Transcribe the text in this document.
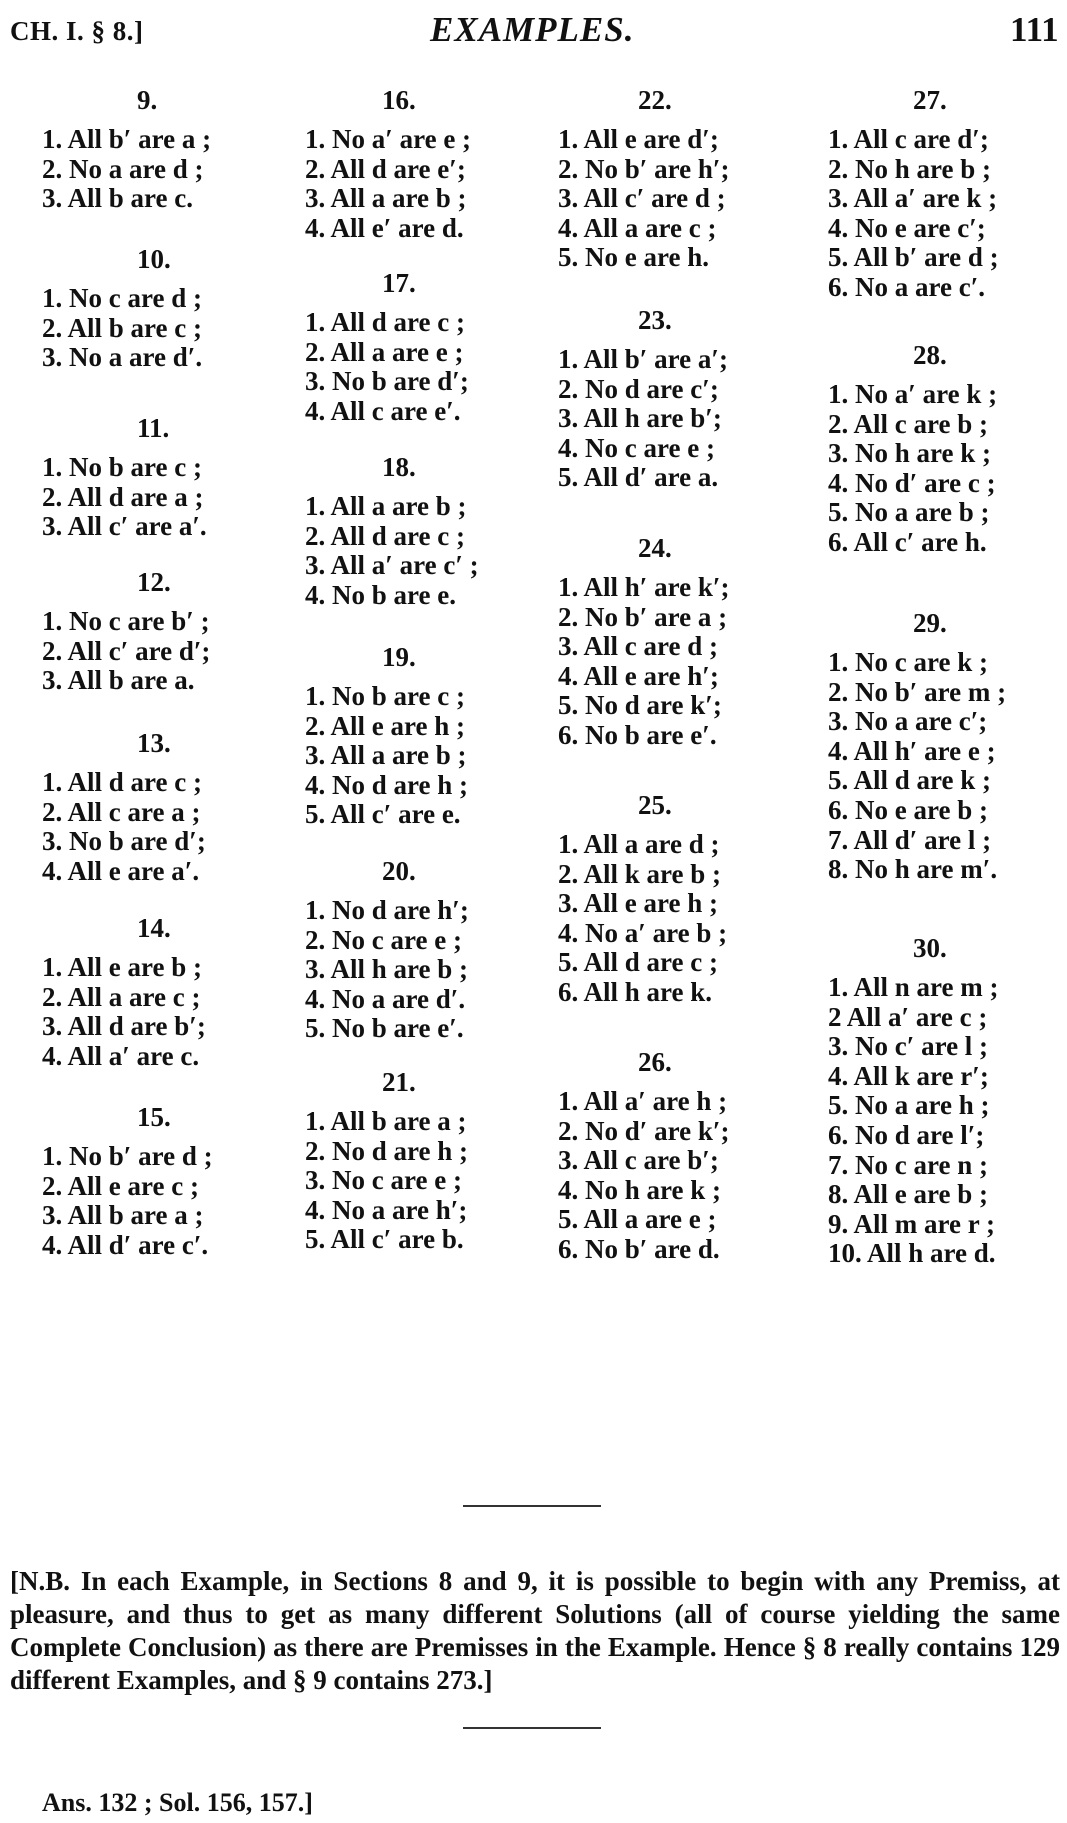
CH. I. § 8.]	EXAMPLES.	111
9.
1. All b′ are a ;
2. No a are d ;
3. All b are c.
10.
1. No c are d ;
2. All b are c ;
3. No a are d′.
11.
1. No b are c ;
2. All d are a ;
3. All c′ are a′.
12.
1. No c are b′ ;
2. All c′ are d′;
3. All b are a.
13.
1. All d are c ;
2. All c are a ;
3. No b are d′;
4. All e are a′.
14.
1. All e are b ;
2. All a are c ;
3. All d are b′;
4. All a′ are c.
15.
1. No b′ are d ;
2. All e are c ;
3. All b are a ;
4. All d′ are c′.
16.
1. No a′ are e ;
2. All d are e′;
3. All a are b ;
4. All e′ are d.
17.
1. All d are c ;
2. All a are e ;
3. No b are d′;
4. All c are e′.
18.
1. All a are b ;
2. All d are c ;
3. All a′ are c′ ;
4. No b are e.
19.
1. No b are c ;
2. All e are h ;
3. All a are b ;
4. No d are h ;
5. All c′ are e.
20.
1. No d are h′;
2. No c are e ;
3. All h are b ;
4. No a are d′.
5. No b are e′.
21.
1. All b are a ;
2. No d are h ;
3. No c are e ;
4. No a are h′;
5. All c′ are b.
22.
1. All e are d′;
2. No b′ are h′;
3. All c′ are d ;
4. All a are c ;
5. No e are h.
23.
1. All b′ are a′;
2. No d are c′;
3. All h are b′;
4. No c are e ;
5. All d′ are a.
24.
1. All h′ are k′;
2. No b′ are a ;
3. All c are d ;
4. All e are h′;
5. No d are k′;
6. No b are e′.
25.
1. All a are d ;
2. All k are b ;
3. All e are h ;
4. No a′ are b ;
5. All d are c ;
6. All h are k.
26.
1. All a′ are h ;
2. No d′ are k′;
3. All c are b′;
4. No h are k ;
5. All a are e ;
6. No b′ are d.
27.
1. All c are d′;
2. No h are b ;
3. All a′ are k ;
4. No e are c′;
5. All b′ are d ;
6. No a are c′.
28.
1. No a′ are k ;
2. All c are b ;
3. No h are k ;
4. No d′ are c ;
5. No a are b ;
6. All c′ are h.
29.
1. No c are k ;
2. No b′ are m ;
3. No a are c′;
4. All h′ are e ;
5. All d are k ;
6. No e are b ;
7. All d′ are l ;
8. No h are m′.
30.
1. All n are m ;
2 All a′ are c ;
3. No c′ are l ;
4. All k are r′;
5. No a are h ;
6. No d are l′;
7. No c are n ;
8. All e are b ;
9. All m are r ;
10. All h are d.
[N.B. In each Example, in Sections 8 and 9, it is possible to begin with any Premiss, at pleasure, and thus to get as many different Solutions (all of course yielding the same Complete Conclusion) as there are Premisses in the Example. Hence § 8 really contains 129 different Examples, and § 9 contains 273.]
Ans. 132 ; Sol. 156, 157.]
